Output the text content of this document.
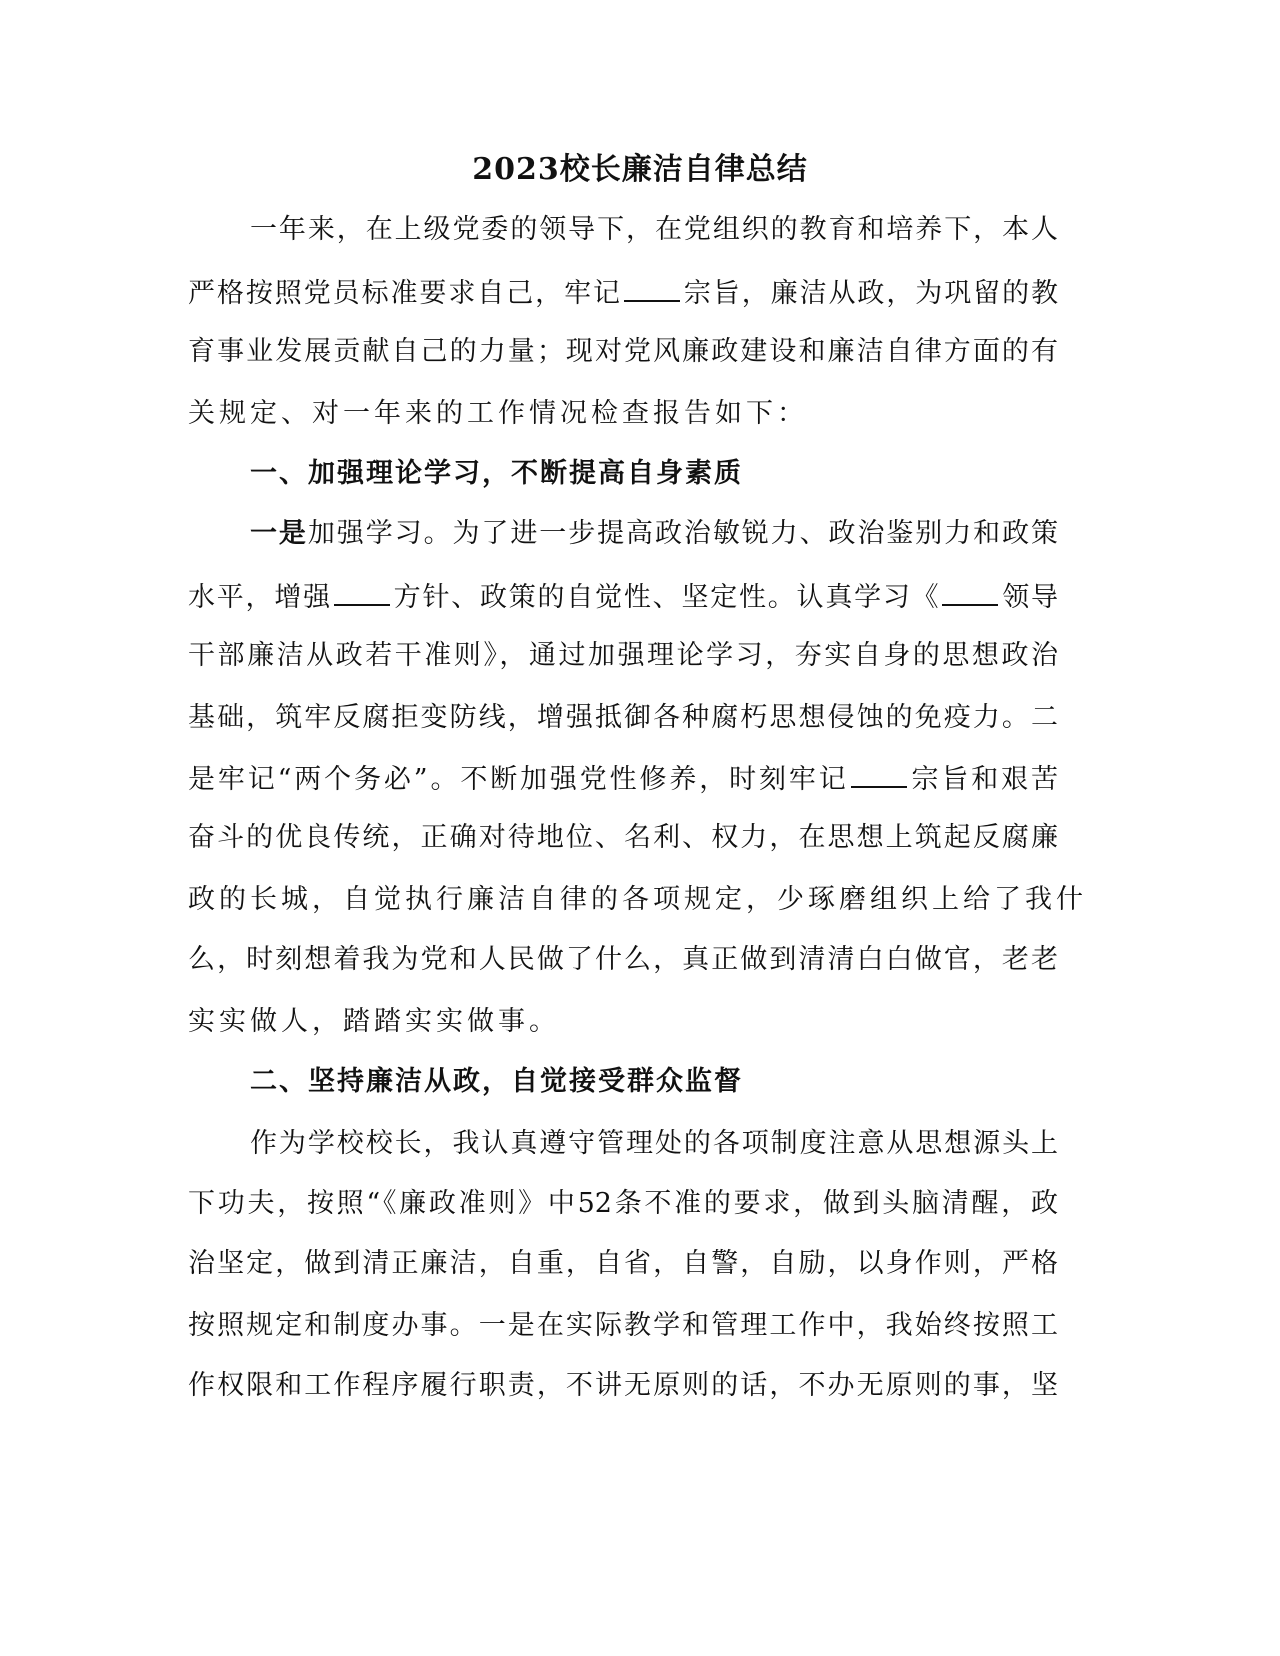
2023校长廉洁自律总结
一年来，在上级党委的领导下，在党组织的教育和培养下，本人
严格按照党员标准要求自己，牢记 宗旨，廉洁从政，为巩留的教
育事业发展贡献自己的力量；现对党风廉政建设和廉洁自律方面的有
关规定、对一年来的工作情况检查报告如下：
一、加强理论学习，不断提高自身素质
一是加强学习。为了进一步提高政治敏锐力、政治鉴别力和政策
水平，增强 方针、政策的自觉性、坚定性。认真学习《 领导
干部廉洁从政若干准则》，通过加强理论学习，夯实自身的思想政治
基础，筑牢反腐拒变防线，增强抵御各种腐朽思想侵蚀的免疫力。二
是牢记“两个务必”。不断加强党性修养，时刻牢记 宗旨和艰苦
奋斗的优良传统，正确对待地位、名利、权力，在思想上筑起反腐廉
政的长城，自觉执行廉洁自律的各项规定，少琢磨组织上给了我什
么，时刻想着我为党和人民做了什么，真正做到清清白白做官，老老
实实做人，踏踏实实做事。
二、坚持廉洁从政，自觉接受群众监督
作为学校校长，我认真遵守管理处的各项制度注意从思想源头上
下功夫，按照“《廉政准则》中52条不准的要求，做到头脑清醒，政
治坚定，做到清正廉洁，自重，自省，自警，自励，以身作则，严格
按照规定和制度办事。一是在实际教学和管理工作中，我始终按照工
作权限和工作程序履行职责，不讲无原则的话，不办无原则的事，坚
